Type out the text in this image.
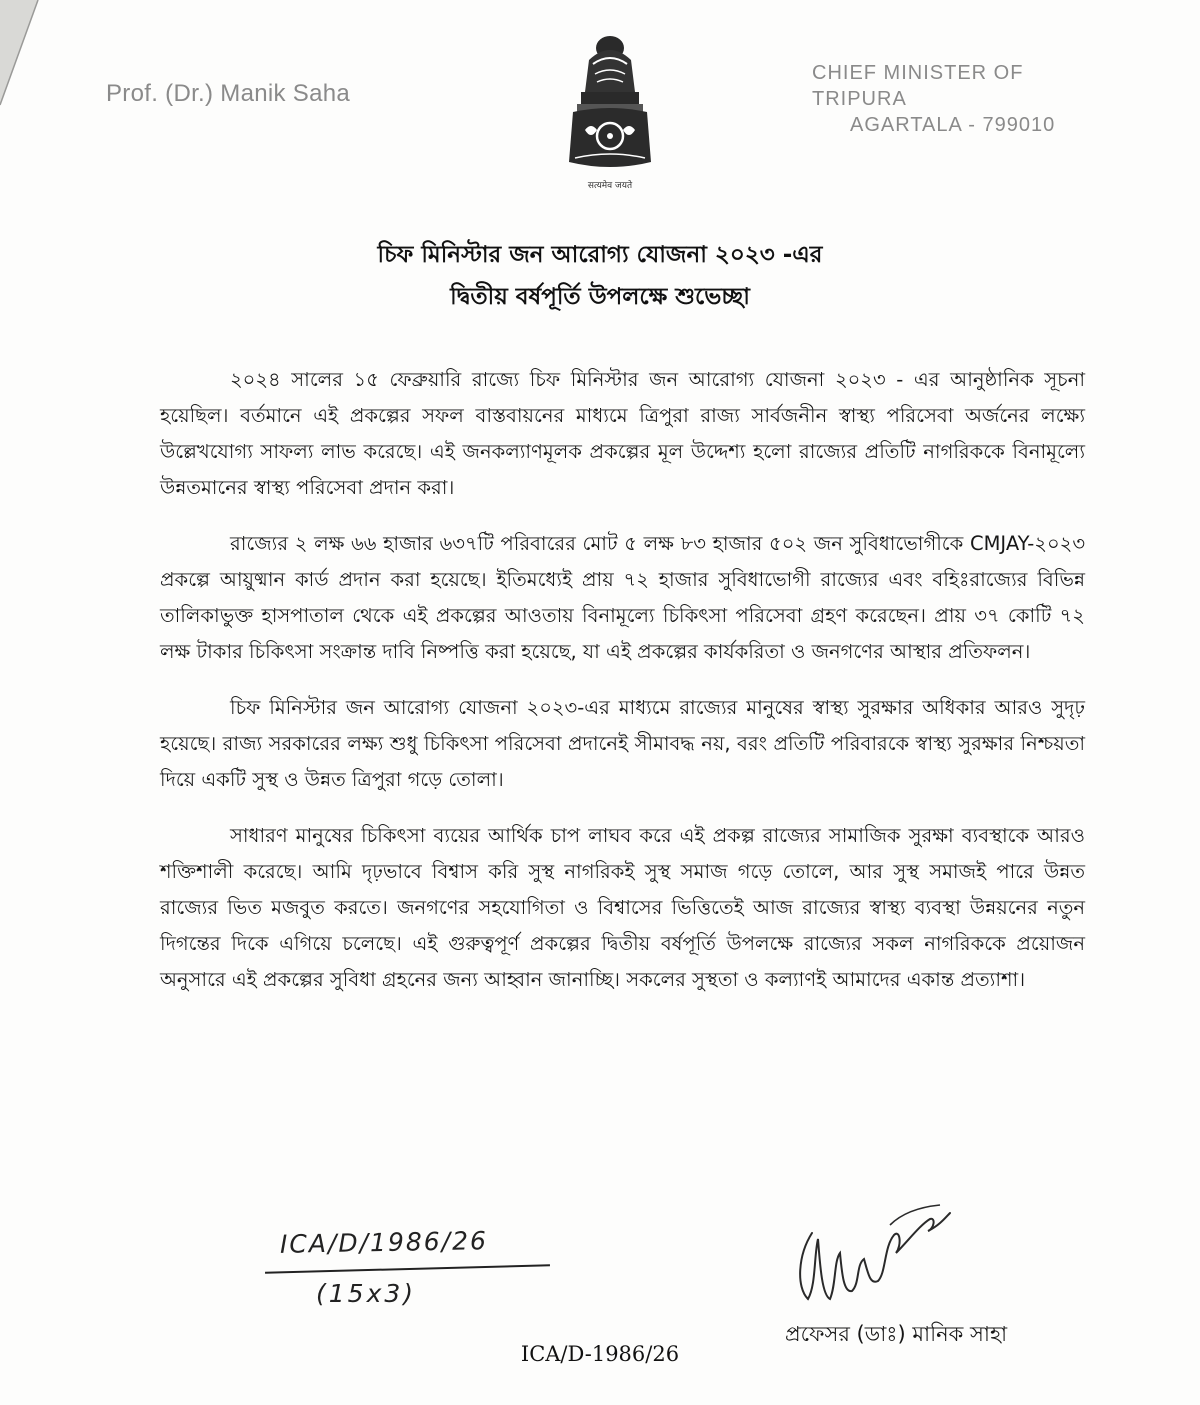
Prof. (Dr.) Manik Saha
सत्यमेव जयते
CHIEF MINISTER OF TRIPURA
AGARTALA - 799010
চিফ মিনিস্টার জন আরোগ্য যোজনা ২০২৩ -এর
দ্বিতীয় বর্ষপূর্তি উপলক্ষে শুভেচ্ছা

২০২৪ সালের ১৫ ফেব্রুয়ারি রাজ্যে চিফ মিনিস্টার জন আরোগ্য যোজনা ২০২৩ - এর আনুষ্ঠানিক সূচনা হয়েছিল। বর্তমানে এই প্রকল্পের সফল বাস্তবায়নের মাধ্যমে ত্রিপুরা রাজ্য সার্বজনীন স্বাস্থ্য পরিসেবা অর্জনের লক্ষ্যে উল্লেখযোগ্য সাফল্য লাভ করেছে। এই জনকল্যাণমূলক প্রকল্পের মূল উদ্দেশ্য হলো রাজ্যের প্রতিটি নাগরিককে বিনামূল্যে উন্নতমানের স্বাস্থ্য পরিসেবা প্রদান করা।

রাজ্যের ২ লক্ষ ৬৬ হাজার ৬৩৭টি পরিবারের মোট ৫ লক্ষ ৮৩ হাজার ৫০২ জন সুবিধাভোগীকে CMJAY-২০২৩ প্রকল্পে আয়ুষ্মান কার্ড প্রদান করা হয়েছে। ইতিমধ্যেই প্রায় ৭২ হাজার সুবিধাভোগী রাজ্যের এবং বহিঃরাজ্যের বিভিন্ন তালিকাভুক্ত হাসপাতাল থেকে এই প্রকল্পের আওতায় বিনামূল্যে চিকিৎসা পরিসেবা গ্রহণ করেছেন। প্রায় ৩৭ কোটি ৭২ লক্ষ টাকার চিকিৎসা সংক্রান্ত দাবি নিষ্পত্তি করা হয়েছে, যা এই প্রকল্পের কার্যকরিতা ও জনগণের আস্থার প্রতিফলন।

চিফ মিনিস্টার জন আরোগ্য যোজনা ২০২৩-এর মাধ্যমে রাজ্যের মানুষের স্বাস্থ্য সুরক্ষার অধিকার আরও সুদৃঢ় হয়েছে। রাজ্য সরকারের লক্ষ্য শুধু চিকিৎসা পরিসেবা প্রদানেই সীমাবদ্ধ নয়, বরং প্রতিটি পরিবারকে স্বাস্থ্য সুরক্ষার নিশ্চয়তা দিয়ে একটি সুস্থ ও উন্নত ত্রিপুরা গড়ে তোলা।

সাধারণ মানুষের চিকিৎসা ব্যয়ের আর্থিক চাপ লাঘব করে এই প্রকল্প রাজ্যের সামাজিক সুরক্ষা ব্যবস্থাকে আরও শক্তিশালী করেছে। আমি দৃঢ়ভাবে বিশ্বাস করি সুস্থ নাগরিকই সুস্থ সমাজ গড়ে তোলে, আর সুস্থ সমাজই পারে উন্নত রাজ্যের ভিত মজবুত করতে। জনগণের সহযোগিতা ও বিশ্বাসের ভিত্তিতেই আজ রাজ্যের স্বাস্থ্য ব্যবস্থা উন্নয়নের নতুন দিগন্তের দিকে এগিয়ে চলেছে। এই গুরুত্বপূর্ণ প্রকল্পের দ্বিতীয় বর্ষপূর্তি উপলক্ষে রাজ্যের সকল নাগরিককে প্রয়োজন অনুসারে এই প্রকল্পের সুবিধা গ্রহনের জন্য আহ্বান জানাচ্ছি। সকলের সুস্থতা ও কল্যাণই আমাদের একান্ত প্রত্যাশা।

ICA/D/1986/26
(15x3)
প্রফেসর (ডাঃ) মানিক সাহা
ICA/D-1986/26
